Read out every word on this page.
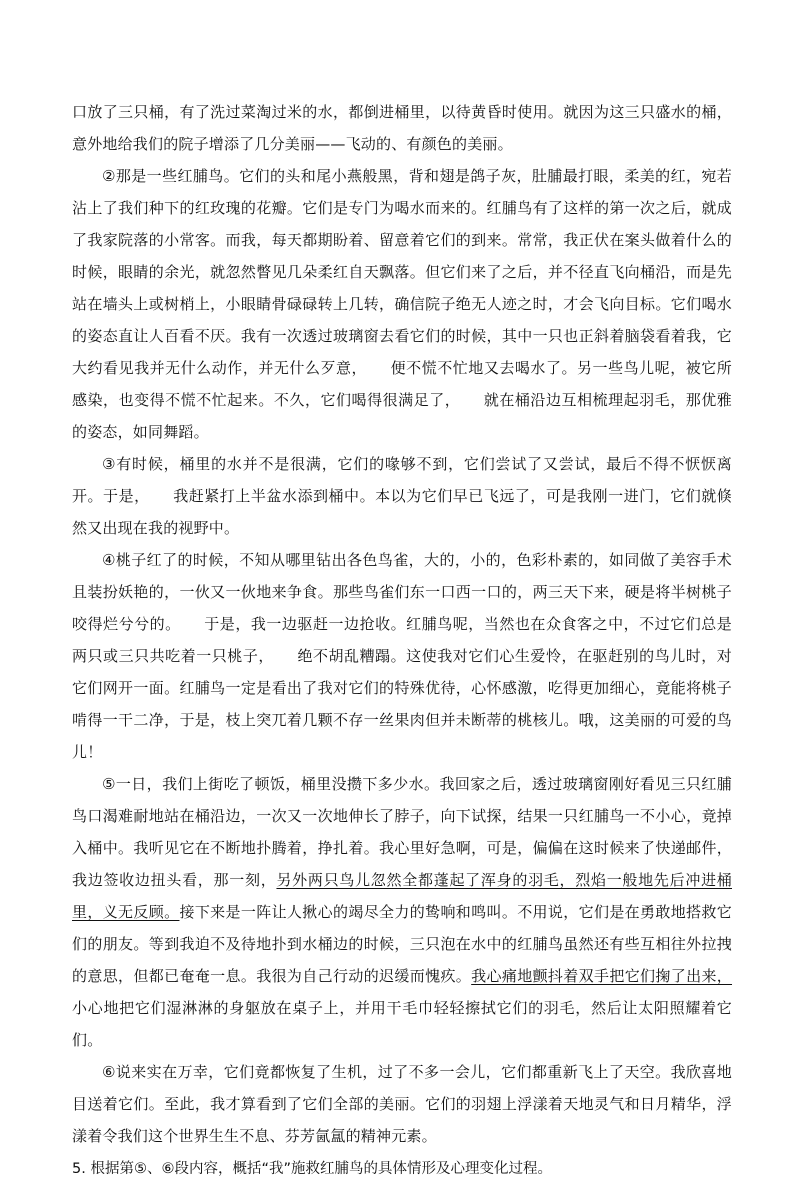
口放了三只桶，有了洗过菜淘过米的水，都倒进桶里，以待黄昏时使用。就因为这三只盛水的桶，意外地给我们的院子增添了几分美丽——飞动的、有颜色的美丽。

②那是一些红脯鸟。它们的头和尾小燕般黑，背和翅是鸽子灰，肚脯最打眼，柔美的红，宛若沾上了我们种下的红玫瑰的花瓣。它们是专门为喝水而来的。红脯鸟有了这样的第一次之后，就成了我家院落的小常客。而我，每天都期盼着、留意着它们的到来。常常，我正伏在案头做着什么的时候，眼睛的余光，就忽然瞥见几朵柔红自天飘落。但它们来了之后，并不径直飞向桶沿，而是先站在墙头上或树梢上，小眼睛骨碌碌转上几转，确信院子绝无人迹之时，才会飞向目标。它们喝水的姿态直让人百看不厌。我有一次透过玻璃窗去看它们的时候，其中一只也正斜着脑袋看着我，它大约看见我并无什么动作，并无什么歹意，　　便不慌不忙地又去喝水了。另一些鸟儿呢，被它所感染，也变得不慌不忙起来。不久，它们喝得很满足了，　　就在桶沿边互相梳理起羽毛，那优雅的姿态，如同舞蹈。

③有时候，桶里的水并不是很满，它们的喙够不到，它们尝试了又尝试，最后不得不恹恹离开。于是，　　我赶紧打上半盆水添到桶中。本以为它们早已飞远了，可是我刚一进门，它们就倏然又出现在我的视野中。

④桃子红了的时候，不知从哪里钻出各色鸟雀，大的，小的，色彩朴素的，如同做了美容手术且装扮妖艳的，一伙又一伙地来争食。那些鸟雀们东一口西一口的，两三天下来，硬是将半树桃子咬得烂兮兮的。　　于是，我一边驱赶一边抢收。红脯鸟呢，当然也在众食客之中，不过它们总是两只或三只共吃着一只桃子，　　绝不胡乱糟蹋。这使我对它们心生爱怜，在驱赶别的鸟儿时，对它们网开一面。红脯鸟一定是看出了我对它们的特殊优待，心怀感激，吃得更加细心，竟能将桃子啃得一干二净，于是，枝上突兀着几颗不存一丝果肉但并未断蒂的桃核儿。哦，这美丽的可爱的鸟儿！

⑤一日，我们上街吃了顿饭，桶里没攒下多少水。我回家之后，透过玻璃窗刚好看见三只红脯鸟口渴难耐地站在桶沿边，一次又一次地伸长了脖子，向下试探，结果一只红脯鸟一不小心，竟掉入桶中。我听见它在不断地扑腾着，挣扎着。我心里好急啊，可是，偏偏在这时候来了快递邮件，我边签收边扭头看，那一刻，另外两只鸟儿忽然全都蓬起了浑身的羽毛，烈焰一般地先后冲进桶里，义无反顾。接下来是一阵让人揪心的竭尽全力的鸷响和鸣叫。不用说，它们是在勇敢地搭救它们的朋友。等到我迫不及待地扑到水桶边的时候，三只泡在水中的红脯鸟虽然还有些互相往外拉拽的意思，但都已奄奄一息。我很为自己行动的迟缓而愧疚。我心痛地颤抖着双手把它们掬了出来，小心地把它们湿淋淋的身躯放在桌子上，并用干毛巾轻轻擦拭它们的羽毛，然后让太阳照耀着它们。

⑥说来实在万幸，它们竟都恢复了生机，过了不多一会儿，它们都重新飞上了天空。我欣喜地目送着它们。至此，我才算看到了它们全部的美丽。它们的羽翅上浮漾着天地灵气和日月精华，浮漾着令我们这个世界生生不息、芬芳氤氲的精神元素。

5. 根据第⑤、⑥段内容，概括“我”施救红脯鸟的具体情形及心理变化过程。
